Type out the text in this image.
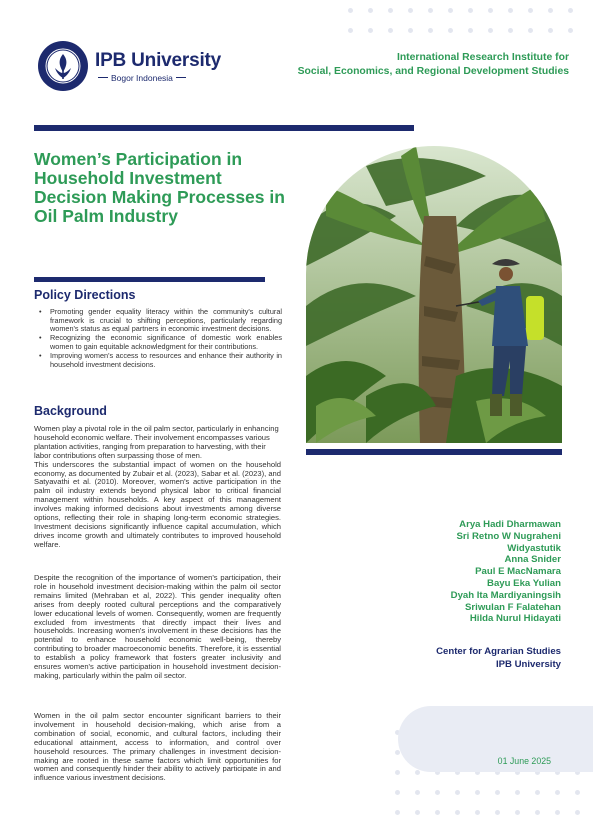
IPB University
Bogor Indonesia
International Research Institute for
Social, Economics, and Regional Development Studies
Women’s Participation in Household Investment Decision Making Processes in Oil Palm Industry
Policy Directions
• Promoting gender equality literacy within the community's cultural framework is crucial to shifting perceptions, particularly regarding women's status as equal partners in economic investment decisions.
• Recognizing the economic significance of domestic work enables women to gain equitable acknowledgment for their contributions.
• Improving women's access to resources and enhance their authority in household investment decisions.
Background
Women play a pivotal role in the oil palm sector, particularly in enhancing household economic welfare. Their involvement encompasses various plantation activities, ranging from preparation to harvesting, with their labor contributions often surpassing those of men.
This underscores the substantial impact of women on the household economy, as documented by Zubair et al. (2023), Sabar et al. (2023), and Satyavathi et al. (2010). Moreover, women's active participation in the palm oil industry extends beyond physical labor to critical financial management within households. A key aspect of this management involves making informed decisions about investments among diverse options, reflecting their role in shaping long-term economic strategies. Investment decisions significantly influence capital accumulation, which drives income growth and ultimately contributes to improved household welfare.
Despite the recognition of the importance of women's participation, their role in household investment decision-making within the palm oil sector remains limited (Mehraban et al, 2022). This gender inequality often arises from deeply rooted cultural perceptions and the comparatively lower educational levels of women. Consequently, women are frequently excluded from investments that directly impact their lives and households. Increasing women's involvement in these decisions has the potential to enhance household economic well-being, thereby contributing to broader macroeconomic benefits. Therefore, it is essential to establish a policy framework that fosters greater inclusivity and ensures women's active participation in household investment decision-making, particularly within the palm oil sector.
Women in the oil palm sector encounter significant barriers to their involvement in household decision-making, which arise from a combination of social, economic, and cultural factors, including their educational attainment, access to information, and control over household resources. The primary challenges in investment decision-making are rooted in these same factors which limit opportunities for women and consequently hinder their ability to actively participate in and influence various investment decisions.
Arya Hadi Dharmawan
Sri Retno W Nugraheni
Widyastutik
Anna Snider
Paul E MacNamara
Bayu Eka Yulian
Dyah Ita Mardiyaningsih
Sriwulan F Falatehan
Hilda Nurul Hidayati
Center for Agrarian Studies
IPB University
01 June 2025
